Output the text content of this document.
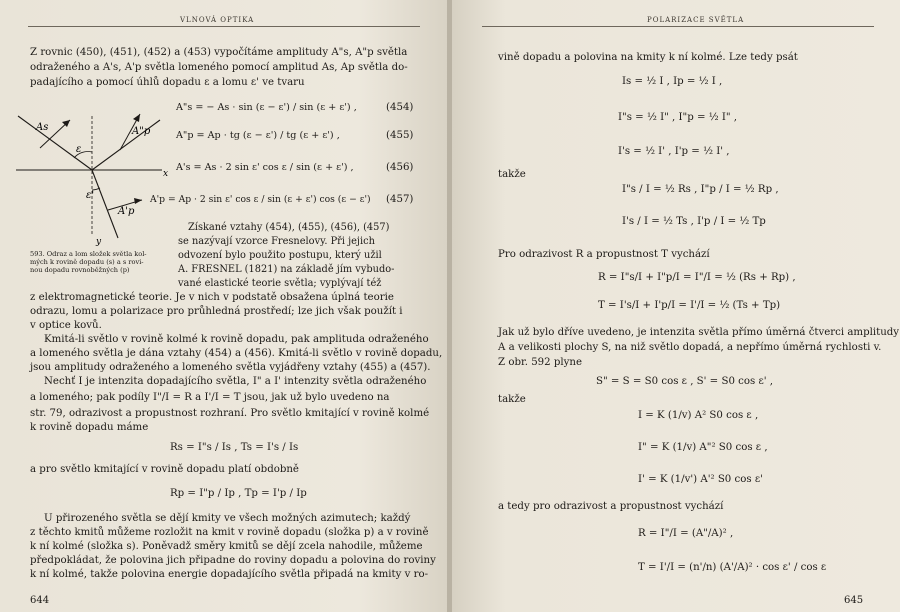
VLNOVÁ OPTIKA
Z rovnic (450), (451), (452) a (453) vypočítáme amplitudy A"s, A"p světla
odraženého a A's, A'p světla lomeného pomocí amplitud As, Ap světla do-
padajícího a pomocí úhlů dopadu ε a lomu ε' ve tvaru
As	A"p
ε
ε'
A'p
x
y
A"s = − As · sin (ε − ε') / sin (ε + ε') ,	(454)
A"p = Ap · tg (ε − ε') / tg (ε + ε') ,	(455)
A's = As · 2 sin ε' cos ε / sin (ε + ε') ,	(456)
A'p = Ap · 2 sin ε' cos ε / sin (ε + ε') cos (ε − ε') (457)
593. Odraz a lom složek světla kol-
mých k rovině dopadu (s) a s rovi-
nou dopadu rovnoběžných (p)
Získané vztahy (454), (455), (456), (457)
se nazývají vzorce Fresnelovy. Při jejich
odvození bylo použito postupu, který užil
A. FRESNEL (1821) na základě jím vybudo-
vané elastické teorie světla; vyplývají též
z elektromagnetické teorie. Je v nich v podstatě obsažena úplná teorie
odrazu, lomu a polarizace pro průhledná prostředí; lze jich však použít i
v optice kovů.
Kmitá-li světlo v rovině kolmé k rovině dopadu, pak amplituda odraženého
a lomeného světla je dána vztahy (454) a (456). Kmitá-li světlo v rovině dopadu,
jsou amplitudy odraženého a lomeného světla vyjádřeny vztahy (455) a (457).
Nechť I je intenzita dopadajícího světla, I" a I' intenzity světla odraženého
a lomeného; pak podíly I"/I = R a I'/I = T jsou, jak už bylo uvedeno na
str. 79, odrazivost a propustnost rozhraní. Pro světlo kmitající v rovině kolmé
k rovině dopadu máme
Rs = I"s / Is , Ts = I's / Is
a pro světlo kmitající v rovině dopadu platí obdobně
Rp = I"p / Ip , Tp = I'p / Ip
U přirozeného světla se dějí kmity ve všech možných azimutech; každý
z těchto kmitů můžeme rozložit na kmit v rovině dopadu (složka p) a v rovině
k ní kolmé (složka s). Poněvadž směry kmitů se dějí zcela nahodile, můžeme
předpokládat, že polovina jich připadne do roviny dopadu a polovina do roviny
k ní kolmé, takže polovina energie dopadajícího světla připadá na kmity v ro-
644
POLARIZACE SVĚTLA
vině dopadu a polovina na kmity k ní kolmé. Lze tedy psát
Is = ½ I , Ip = ½ I ,
I"s = ½ I" , I"p = ½ I" ,
I's = ½ I' , I'p = ½ I' ,
takže
I"s / I = ½ Rs , I"p / I = ½ Rp ,
I's / I = ½ Ts , I'p / I = ½ Tp
Pro odrazivost R a propustnost T vychází
R = I"s/I + I"p/I = I"/I = ½ (Rs + Rp) ,
T = I's/I + I'p/I = I'/I = ½ (Ts + Tp)
Jak už bylo dříve uvedeno, je intenzita světla přímo úměrná čtverci amplitudy
A a velikosti plochy S, na niž světlo dopadá, a nepřímo úměrná rychlosti v.
Z obr. 592 plyne
S" = S = S0 cos ε , S' = S0 cos ε' ,
takže
I = K (1/v) A² S0 cos ε ,
I" = K (1/v) A"² S0 cos ε ,
I' = K (1/v') A'² S0 cos ε'
a tedy pro odrazivost a propustnost vychází
R = I"/I = (A"/A)² ,
T = I'/I = (n'/n) (A'/A)² · cos ε' / cos ε
645
